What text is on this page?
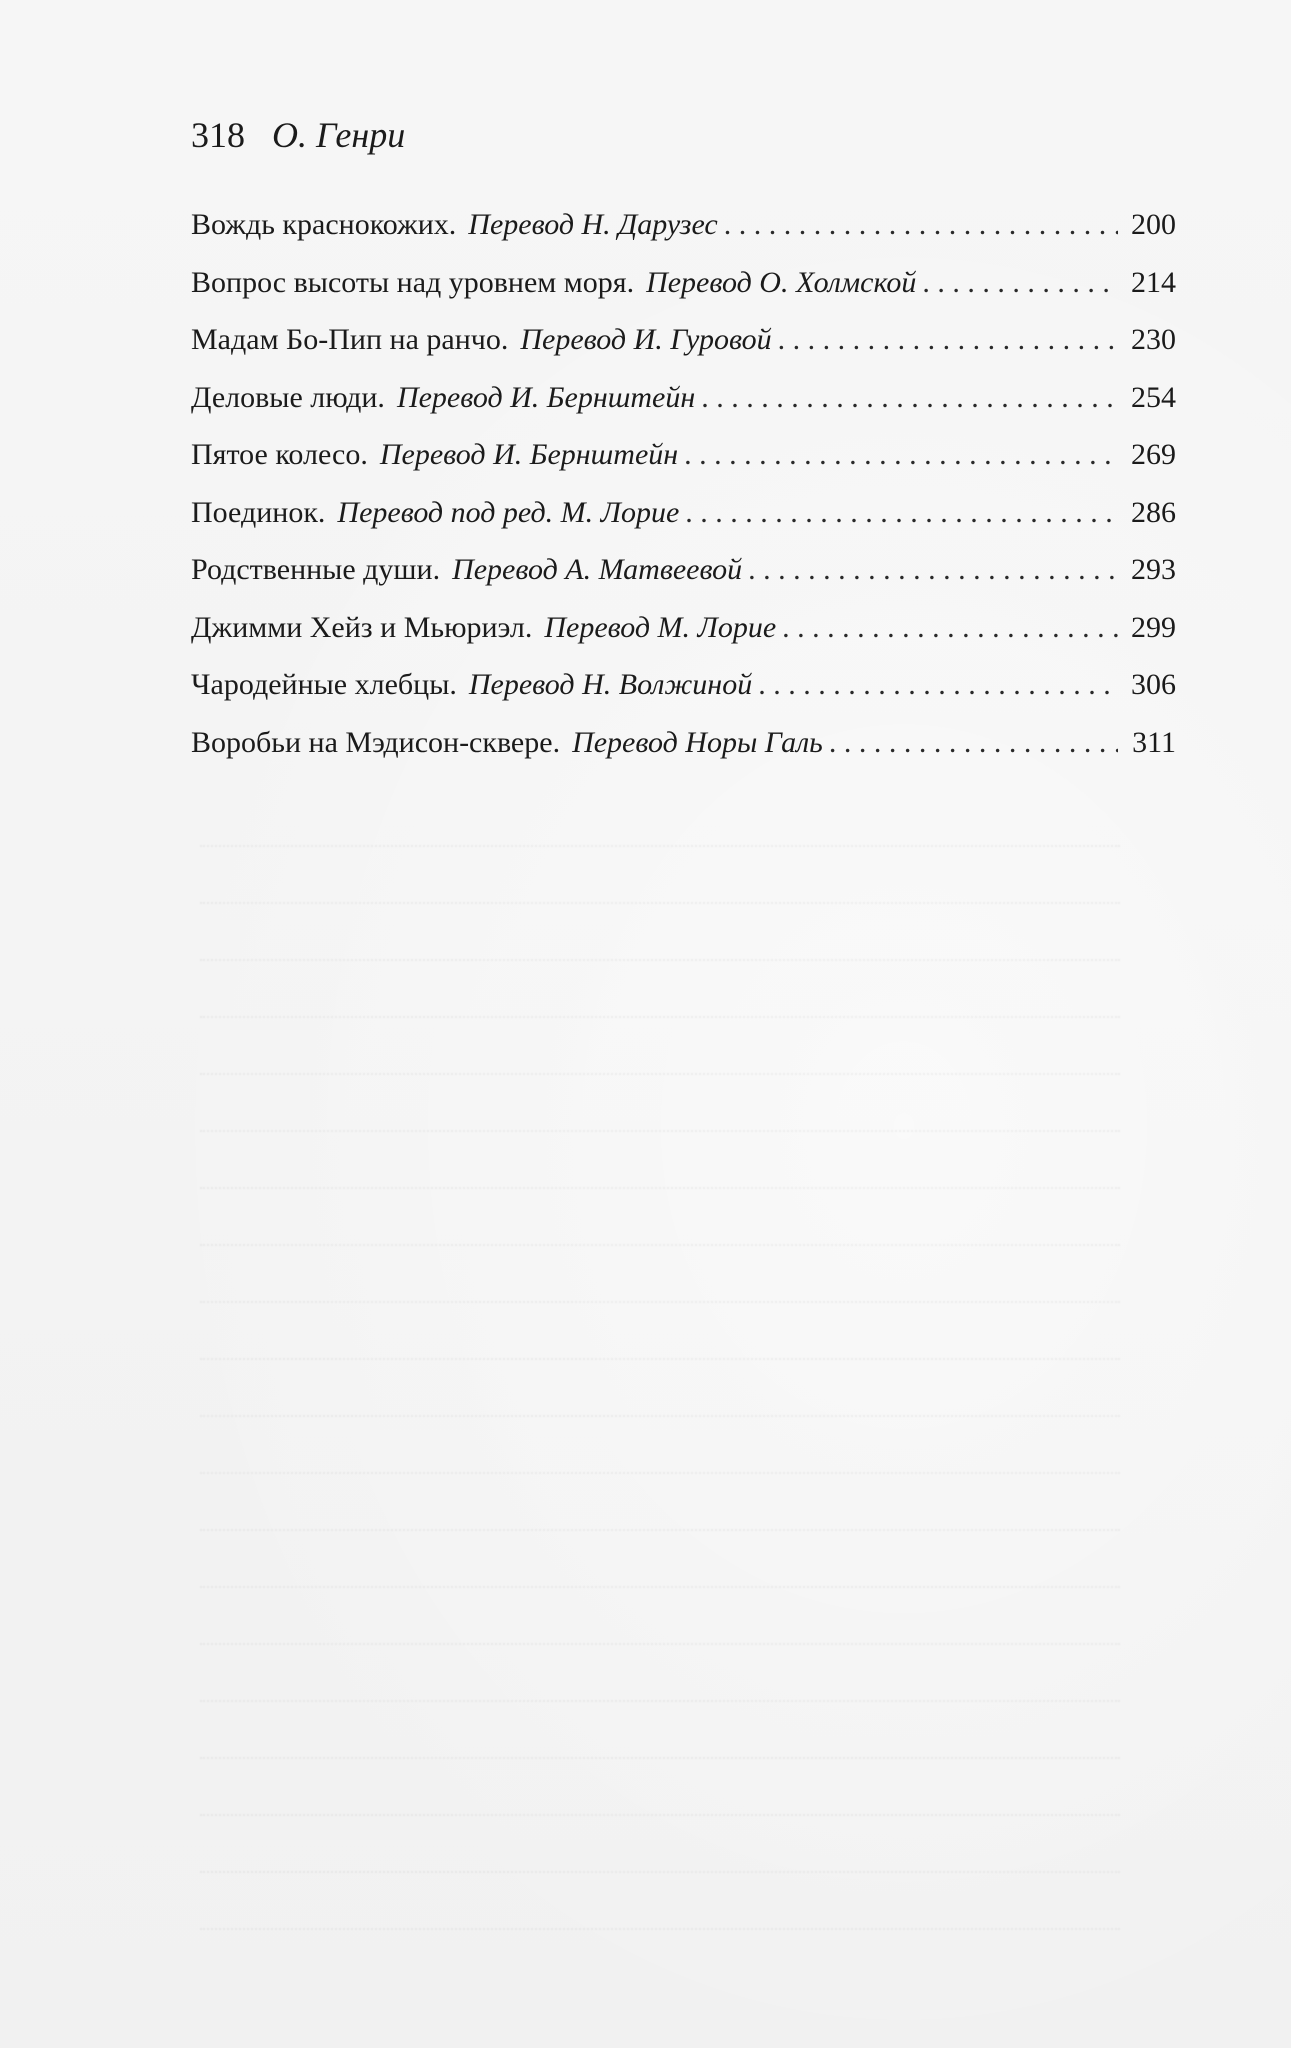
318 О. Генри
Вождь краснокожих. Перевод Н. Дарузес . . .	200
Вопрос высоты над уровнем моря. Перевод О. Холмской . . .	214
Мадам Бо-Пип на ранчо. Перевод И. Гуровой . . .	230
Деловые люди. Перевод И. Бернштейн . . .	254
Пятое колесо. Перевод И. Бернштейн . . .	269
Поединок. Перевод под ред. М. Лорие . . .	286
Родственные души. Перевод А. Матвеевой . . .	293
Джимми Хейз и Мьюриэл. Перевод М. Лорие . . .	299
Чародейные хлебцы. Перевод Н. Волжиной . . .	306
Воробьи на Мэдисон-сквере. Перевод Норы Галь . . .	311
